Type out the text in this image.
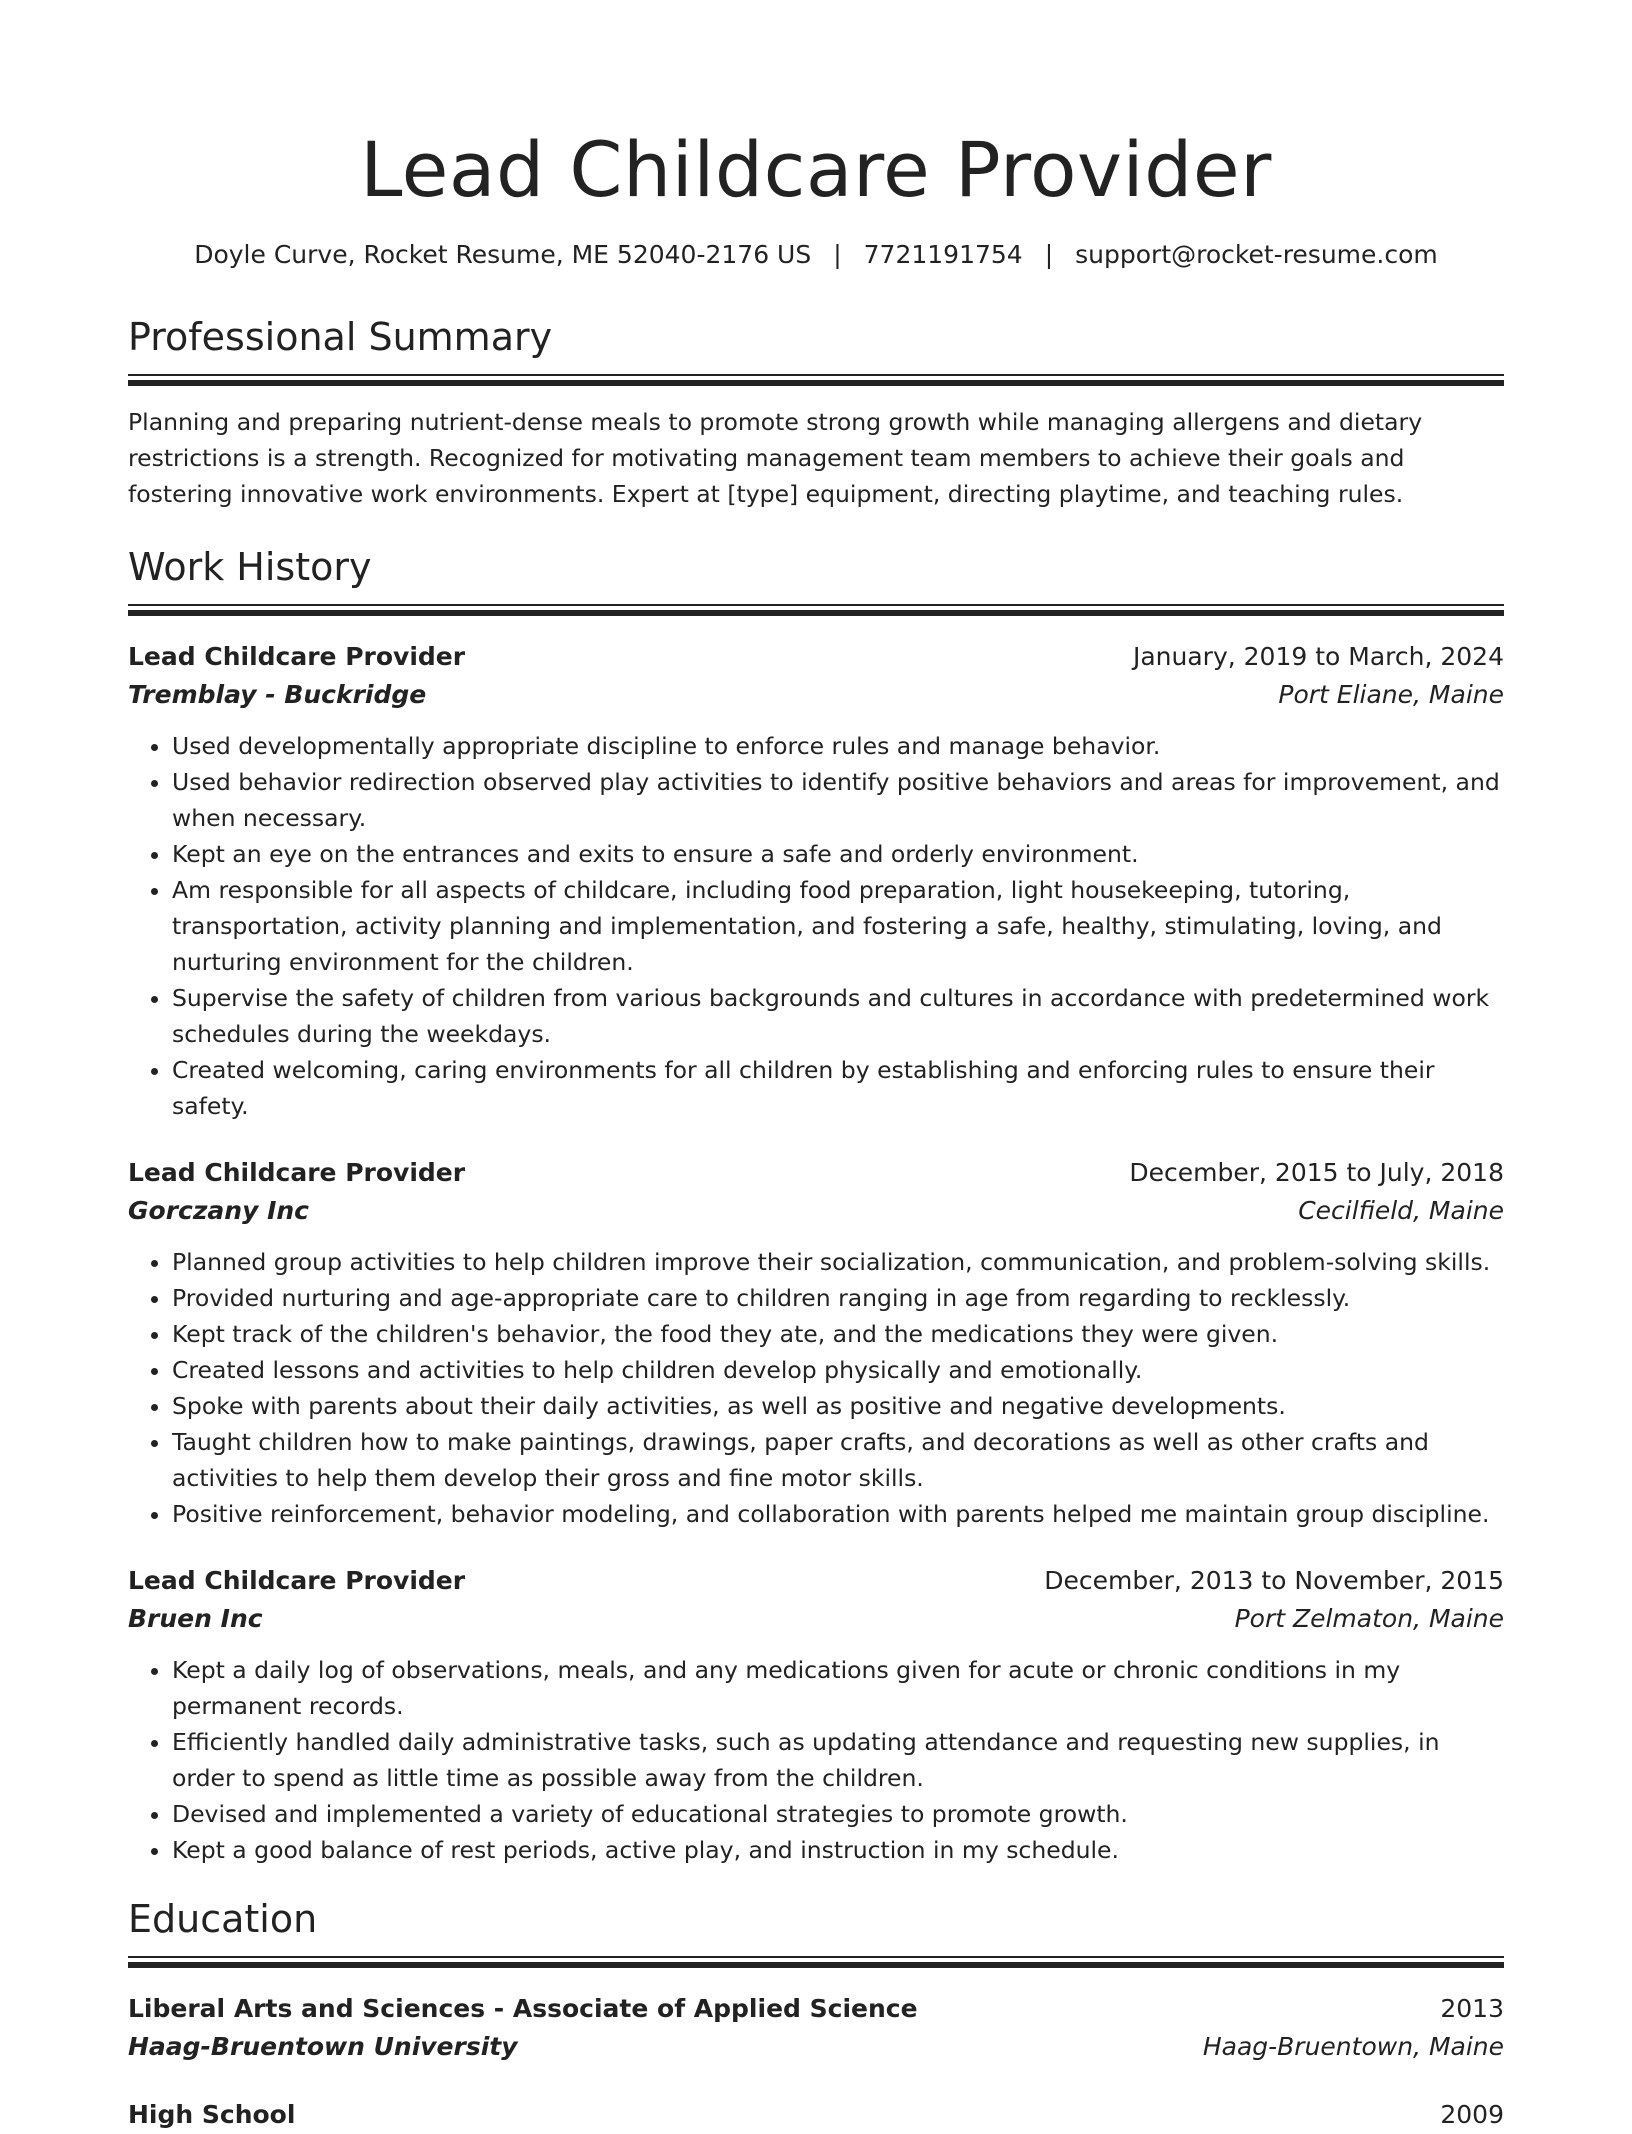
Lead Childcare Provider
Doyle Curve, Rocket Resume, ME 52040-2176 US | 7721191754 | support@rocket-resume.com
Professional Summary
Planning and preparing nutrient-dense meals to promote strong growth while managing allergens and dietary restrictions is a strength. Recognized for motivating management team members to achieve their goals and fostering innovative work environments. Expert at [type] equipment, directing playtime, and teaching rules.
Work History
Lead Childcare Provider	January, 2019 to March, 2024
Tremblay - Buckridge	Port Eliane, Maine
• Used developmentally appropriate discipline to enforce rules and manage behavior.
• Used behavior redirection observed play activities to identify positive behaviors and areas for improvement, and when necessary.
• Kept an eye on the entrances and exits to ensure a safe and orderly environment.
• Am responsible for all aspects of childcare, including food preparation, light housekeeping, tutoring, transportation, activity planning and implementation, and fostering a safe, healthy, stimulating, loving, and nurturing environment for the children.
• Supervise the safety of children from various backgrounds and cultures in accordance with predetermined work schedules during the weekdays.
• Created welcoming, caring environments for all children by establishing and enforcing rules to ensure their safety.
Lead Childcare Provider	December, 2015 to July, 2018
Gorczany Inc	Cecilfield, Maine
• Planned group activities to help children improve their socialization, communication, and problem-solving skills.
• Provided nurturing and age-appropriate care to children ranging in age from regarding to recklessly.
• Kept track of the children's behavior, the food they ate, and the medications they were given.
• Created lessons and activities to help children develop physically and emotionally.
• Spoke with parents about their daily activities, as well as positive and negative developments.
• Taught children how to make paintings, drawings, paper crafts, and decorations as well as other crafts and activities to help them develop their gross and fine motor skills.
• Positive reinforcement, behavior modeling, and collaboration with parents helped me maintain group discipline.
Lead Childcare Provider	December, 2013 to November, 2015
Bruen Inc	Port Zelmaton, Maine
• Kept a daily log of observations, meals, and any medications given for acute or chronic conditions in my permanent records.
• Efficiently handled daily administrative tasks, such as updating attendance and requesting new supplies, in order to spend as little time as possible away from the children.
• Devised and implemented a variety of educational strategies to promote growth.
• Kept a good balance of rest periods, active play, and instruction in my schedule.
Education
Liberal Arts and Sciences - Associate of Applied Science	2013
Haag-Bruentown University	Haag-Bruentown, Maine
High School	2009
